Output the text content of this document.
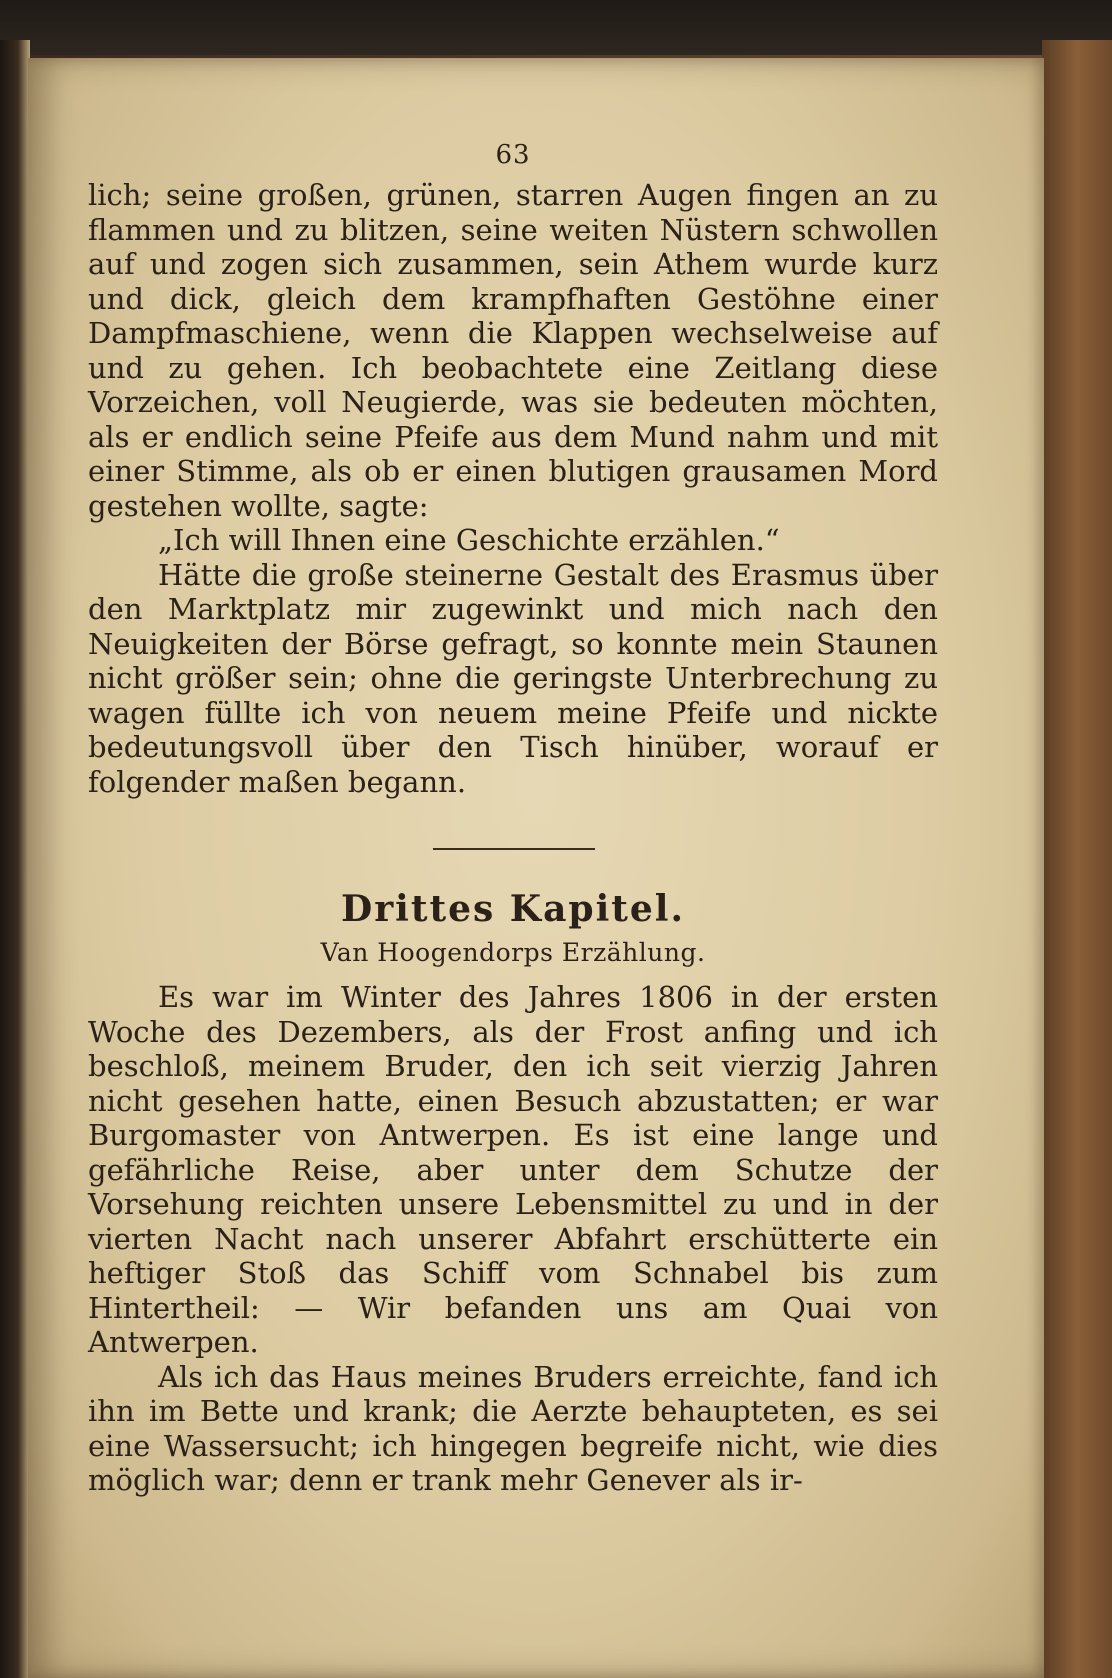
63

lich; seine großen, grünen, starren Augen fingen an zu flammen und zu blitzen, seine weiten Nüstern schwollen auf und zogen sich zusammen, sein Athem wurde kurz und dick, gleich dem krampfhaften Gestöhne einer Dampfmaschiene, wenn die Klappen wechselweise auf und zu gehen. Ich beobachtete eine Zeitlang diese Vorzeichen, voll Neugierde, was sie bedeuten möchten, als er endlich seine Pfeife aus dem Mund nahm und mit einer Stimme, als ob er einen blutigen grausamen Mord gestehen wollte, sagte:

„Ich will Ihnen eine Geschichte erzählen.“

Hätte die große steinerne Gestalt des Erasmus über den Marktplatz mir zugewinkt und mich nach den Neuigkeiten der Börse gefragt, so konnte mein Staunen nicht größer sein; ohne die geringste Unterbrechung zu wagen füllte ich von neuem meine Pfeife und nickte bedeutungsvoll über den Tisch hinüber, worauf er folgender maßen begann.

Drittes Kapitel.
Van Hoogendorps Erzählung.

Es war im Winter des Jahres 1806 in der ersten Woche des Dezembers, als der Frost anfing und ich beschloß, meinem Bruder, den ich seit vierzig Jahren nicht gesehen hatte, einen Besuch abzustatten; er war Burgomaster von Antwerpen. Es ist eine lange und gefährliche Reise, aber unter dem Schutze der Vorsehung reichten unsere Lebensmittel zu und in der vierten Nacht nach unserer Abfahrt erschütterte ein heftiger Stoß das Schiff vom Schnabel bis zum Hintertheil: — Wir befanden uns am Quai von Antwerpen.

Als ich das Haus meines Bruders erreichte, fand ich ihn im Bette und krank; die Aerzte behaupteten, es sei eine Wassersucht; ich hingegen begreife nicht, wie dies möglich war; denn er trank mehr Genever als ir-
